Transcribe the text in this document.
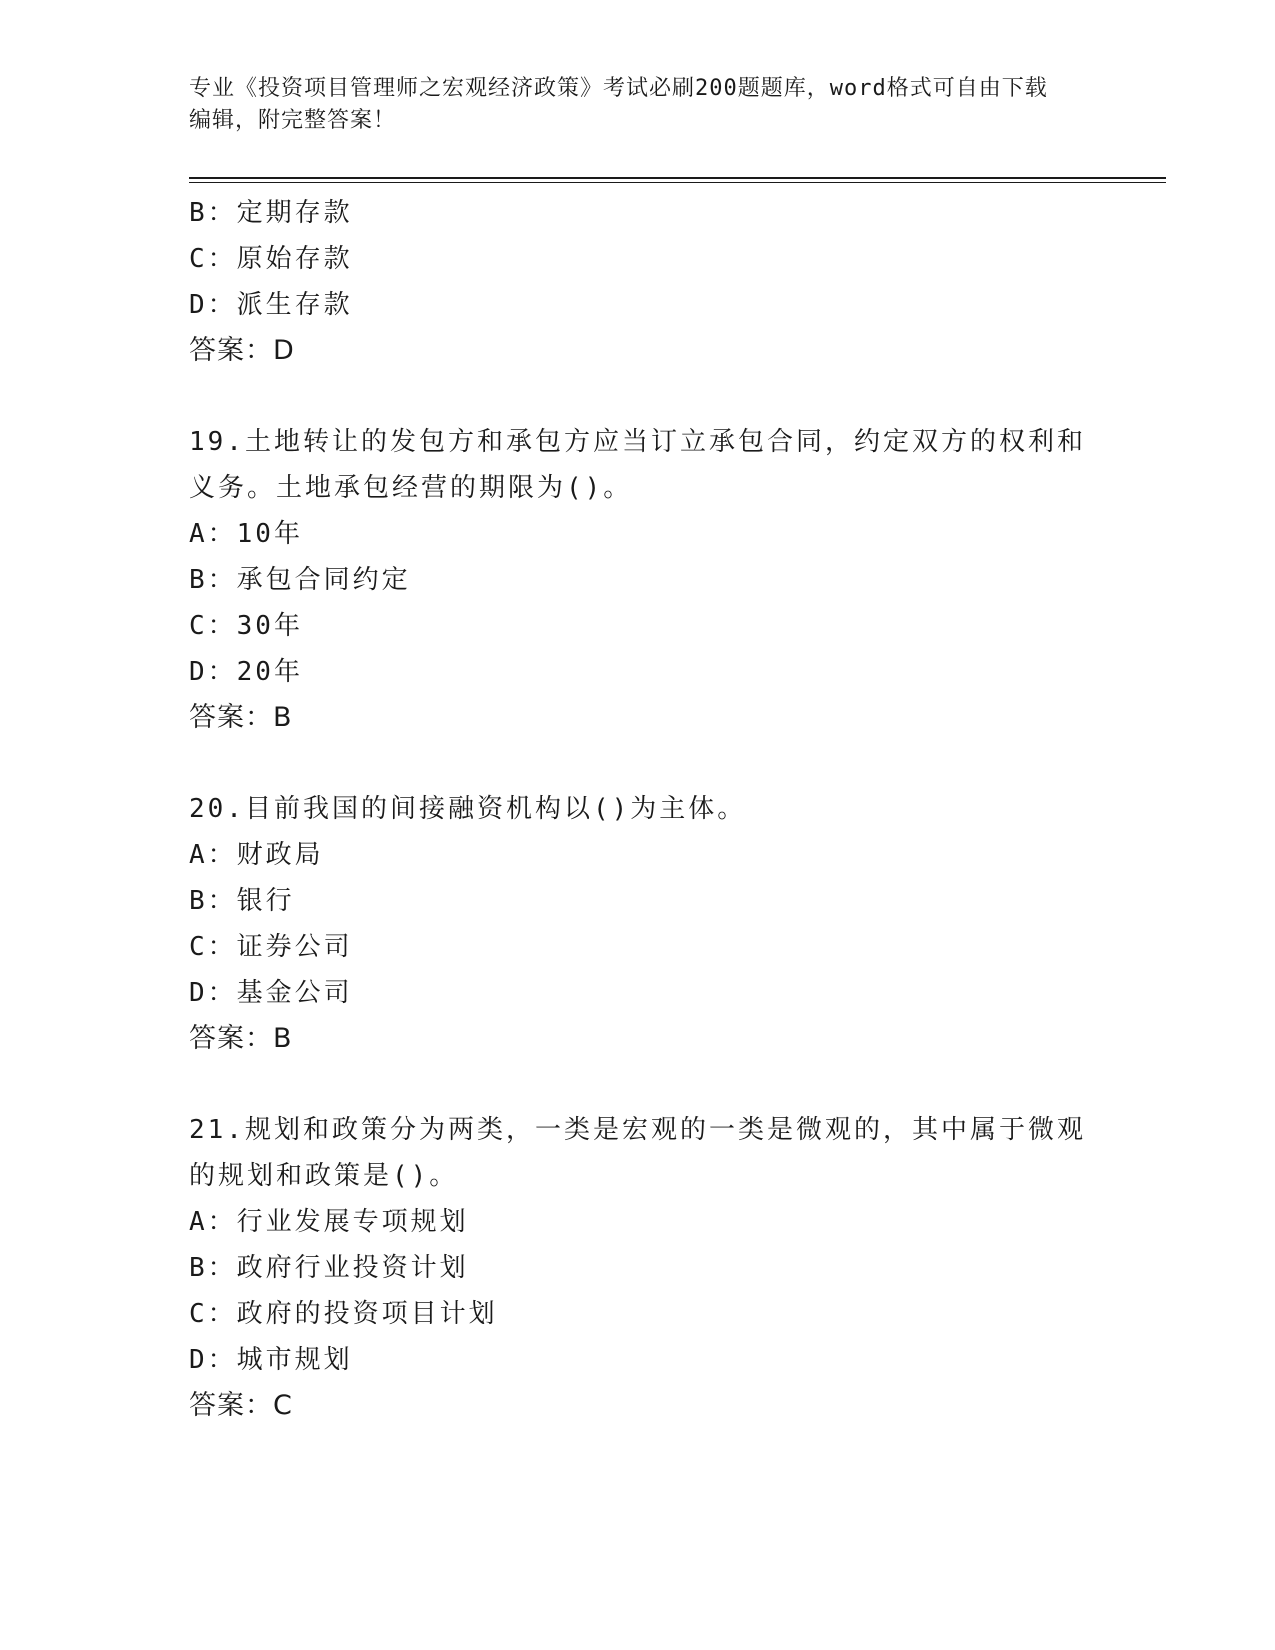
专业《投资项目管理师之宏观经济政策》考试必刷200题题库，word格式可自由下载编辑，附完整答案！
B：定期存款
C：原始存款
D：派生存款
答案：D
19.土地转让的发包方和承包方应当订立承包合同，约定双方的权利和义务。土地承包经营的期限为()。
A：10年
B：承包合同约定
C：30年
D：20年
答案：B
20.目前我国的间接融资机构以()为主体。
A：财政局
B：银行
C：证券公司
D：基金公司
答案：B
21.规划和政策分为两类，一类是宏观的一类是微观的，其中属于微观的规划和政策是()。
A：行业发展专项规划
B：政府行业投资计划
C：政府的投资项目计划
D：城市规划
答案：C
